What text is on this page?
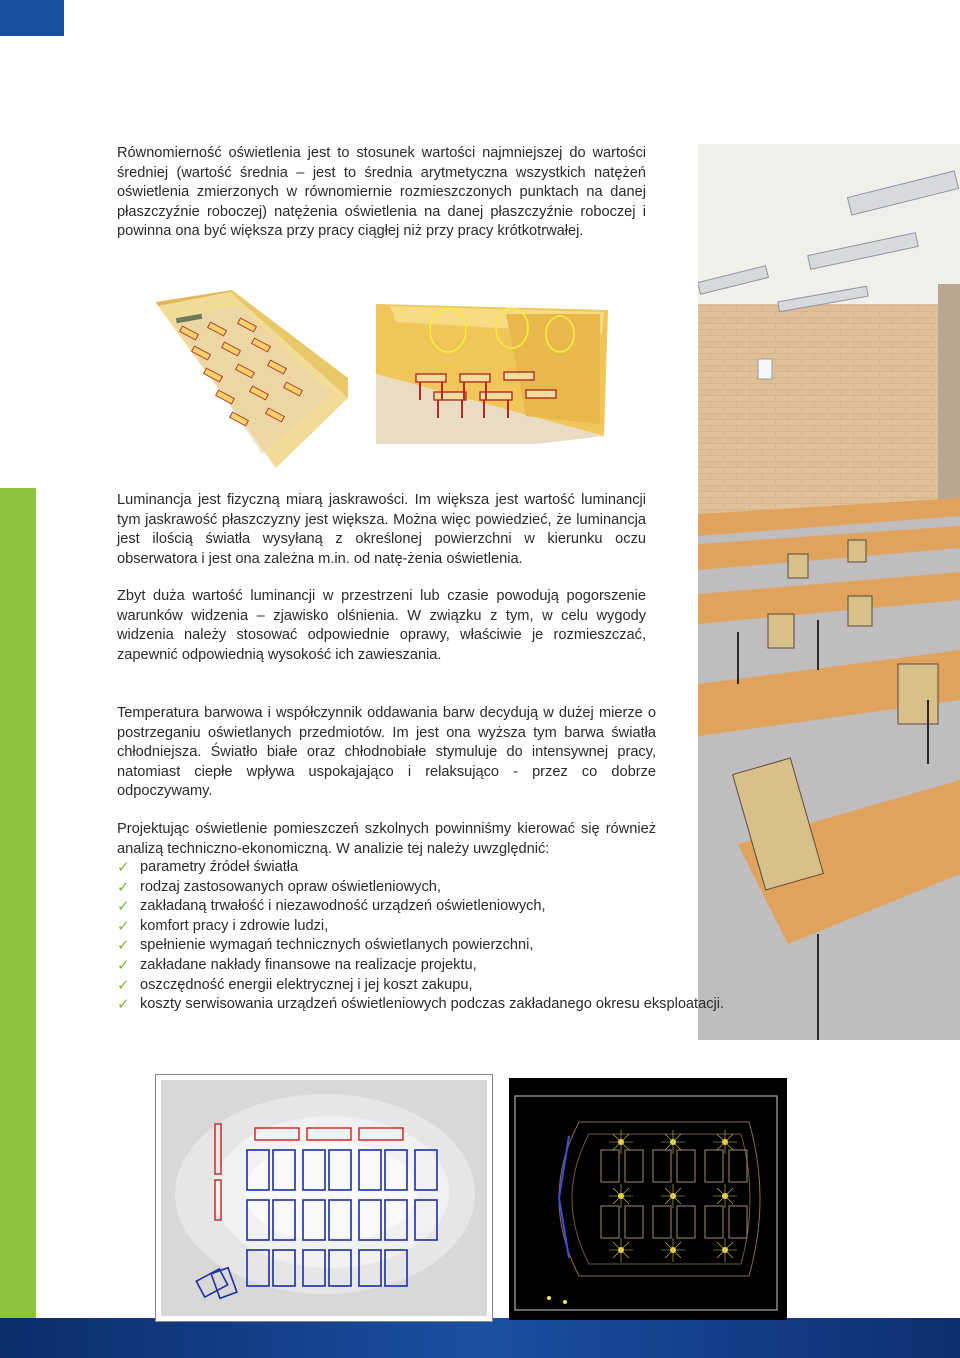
Równomierność oświetlenia jest to stosunek wartości najmniejszej do wartości średniej (wartość średnia – jest to średnia arytmetyczna wszystkich natężeń oświetlenia zmierzonych w równomiernie rozmieszczonych punktach na danej płaszczyźnie roboczej) natężenia oświetlenia na danej płaszczyźnie roboczej i powinna ona być większa przy pracy ciągłej niż przy pracy krótkotrwałej.

Luminancja jest fizyczną miarą jaskrawości. Im większa jest wartość luminancji tym jaskrawość płaszczyzny jest większa. Można więc powiedzieć, że luminancja jest ilością światła wysyłaną z określonej powierzchni w kierunku oczu obserwatora i jest ona zależna m.in. od natę-żenia oświetlenia.

Zbyt duża wartość luminancji w przestrzeni lub czasie powodują pogorszenie warunków widzenia – zjawisko olśnienia. W związku z tym, w celu wygody widzenia należy stosować odpowiednie oprawy, właściwie je rozmieszczać, zapewnić odpowiednią wysokość ich zawieszania.

Temperatura barwowa i współczynnik oddawania barw decydują w dużej mierze o postrzeganiu oświetlanych przedmiotów. Im jest ona wyższa tym barwa światła chłodniejsza. Światło białe oraz chłodnobiałe stymuluje do intensywnej pracy, natomiast ciepłe wpływa uspokajająco i relaksująco - przez co dobrze odpoczywamy.

Projektując oświetlenie pomieszczeń szkolnych powinniśmy kierować się również analizą techniczno-ekonomiczną. W analizie tej należy uwzględnić:

✓ parametry źródeł światła
✓ rodzaj zastosowanych opraw oświetleniowych,
✓ zakładaną trwałość i niezawodność urządzeń oświetleniowych,
✓ komfort pracy i zdrowie ludzi,
✓ spełnienie wymagań technicznych oświetlanych powierzchni,
✓ zakładane nakłady finansowe na realizacje projektu,
✓ oszczędność energii elektrycznej i jej koszt zakupu,
✓ koszty serwisowania urządzeń oświetleniowych podczas zakładanego okresu eksploatacji.
